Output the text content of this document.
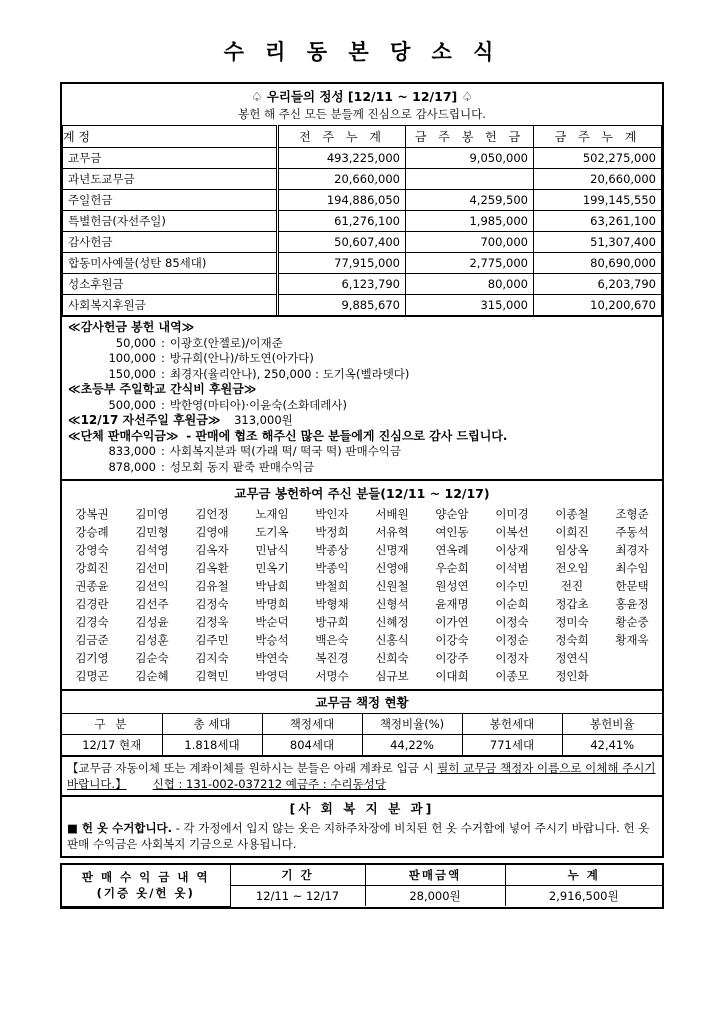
수 리 동 본 당 소 식
♤ 우리들의 정성 [12/11 ~ 12/17] ♤
봉헌 해 주신 모든 분들께 진심으로 감사드립니다.
계 정	전 주 누 계	금 주 봉 헌 금	금 주 누 계
교무금	493,225,000	9,050,000	502,275,000
과년도교무금	20,660,000		20,660,000
주일헌금	194,886,050	4,259,500	199,145,550
특별헌금(자선주일)	61,276,100	1,985,000	63,261,100
감사헌금	50,607,400	700,000	51,307,400
합동미사예물(성탄 85세대)	77,915,000	2,775,000	80,690,000
성소후원금	6,123,790	80,000	6,203,790
사회복지후원금	9,885,670	315,000	10,200,670
≪감사헌금 봉헌 내역≫
50,000 : 이광호(안젤로)/이재준
100,000 : 방규희(안나)/하도연(아가다)
150,000 : 최경자(율리안나), 250,000 : 도기옥(벨라뎃다)
≪초등부 주일학교 간식비 후원금≫
500,000 : 박한영(마티아)·이윤숙(소화데레사)
≪12/17 자선주일 후원금≫ 313,000원
≪단체 판매수익금≫ - 판매에 협조 해주신 많은 분들에게 진심으로 감사 드립니다.
833,000 : 사회복지분과 떡(가래 떡/ 떡국 떡) 판매수익금
878,000 : 성모회 동지 팥죽 판매수익금
교무금 봉헌하여 주신 분들(12/11 ~ 12/17)
강복권	김미영	김언정	노재임	박인자	서배원	양순암	이미경	이종철	조형준
강승례	김민형	김영애	도기옥	박정희	서유혁	여인동	이복선	이희진	주동석
강영숙	김석영	김옥자	민남식	박종상	신명재	연옥례	이상재	임상옥	최경자
강희진	김선미	김옥환	민옥기	박종익	신영애	우순희	이석범	전오임	최수임
권종윤	김선익	김유철	박남희	박철희	신원철	원성연	이수민	전진	한문택
김경란	김선주	김정숙	박명희	박형채	신형석	윤재명	이순희	정갑초	홍윤정
김경숙	김성윤	김정욱	박순덕	방규희	신혜정	이가연	이정숙	정미숙	황순중
김금준	김성훈	김주민	박승석	백은숙	신홍식	이강숙	이정순	정숙희	황재욱
김기영	김순숙	김지숙	박연숙	복진경	신희숙	이강주	이정자	정연식	
김명곤	김순혜	김혁민	박영덕	서명수	심규보	이대희	이종모	정인화	
교무금 책정 현황
구 분	총 세대	책정세대	책정비율(%)	봉헌세대	봉헌비율
12/17 현재	1.818세대	804세대	44,22%	771세대	42,41%
【교무금 자동이체 또는 계좌이체를 원하시는 분들은 아래 계좌로 입금 시 필히 교무금 책정자 이름으로 이체해 주시기 바랍니다.】 신협 : 131-002-037212 예금주 : 수리동성당
[사 회 복 지 분 과]
■ 헌 옷 수거합니다. - 각 가정에서 입지 않는 옷은 지하주차장에 비치된 헌 옷 수거함에 넣어 주시기 바랍니다. 헌 옷 판매 수익금은 사회복지 기금으로 사용됩니다.
판 매 수 익 금 내 역
(기증 옷/헌 옷)	기 간	판매금액	누 계
	12/11 ~ 12/17	28,000원	2,916,500원
